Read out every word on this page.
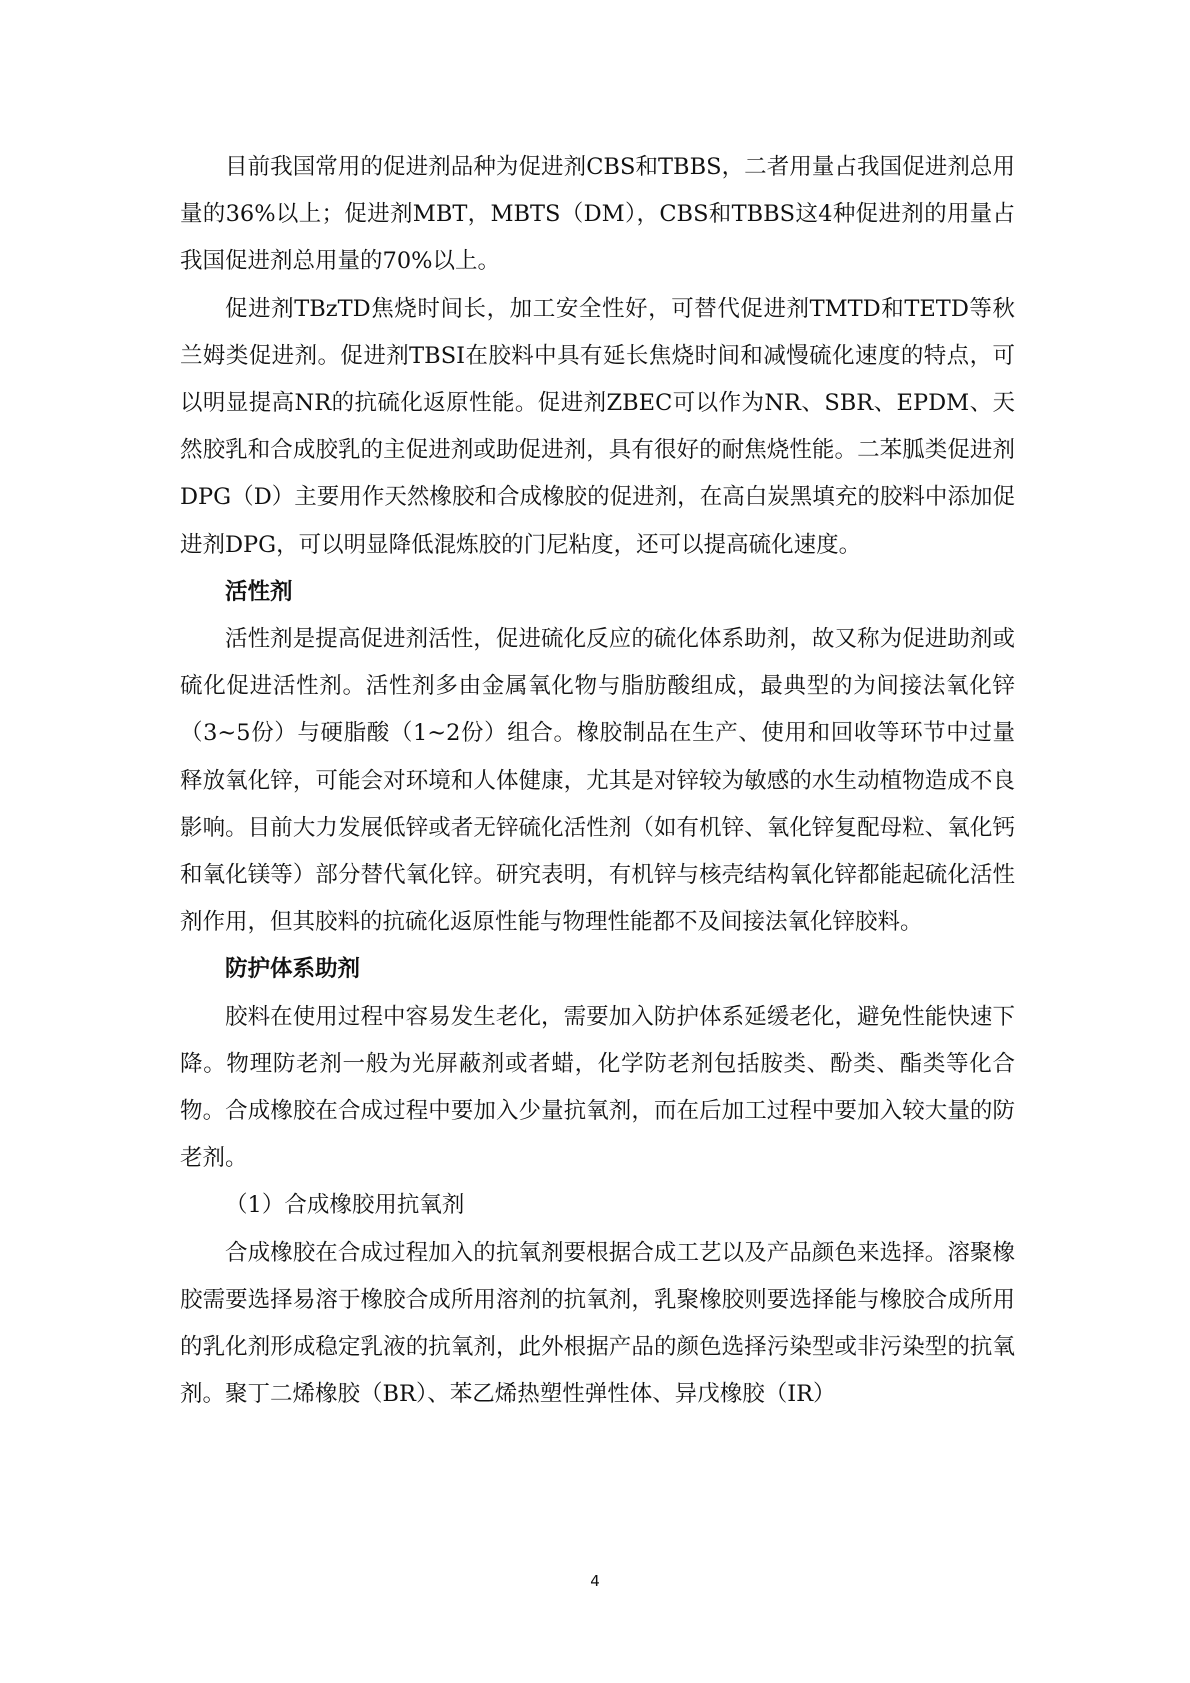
目前我国常用的促进剂品种为促进剂CBS和TBBS，二者用量占我国促进剂总用量的36%以上；促进剂MBT，MBTS（DM），CBS和TBBS这4种促进剂的用量占我国促进剂总用量的70%以上。

促进剂TBzTD焦烧时间长，加工安全性好，可替代促进剂TMTD和TETD等秋兰姆类促进剂。促进剂TBSI在胶料中具有延长焦烧时间和减慢硫化速度的特点，可以明显提高NR的抗硫化返原性能。促进剂ZBEC可以作为NR、SBR、EPDM、天然胶乳和合成胶乳的主促进剂或助促进剂，具有很好的耐焦烧性能。二苯胍类促进剂DPG（D）主要用作天然橡胶和合成橡胶的促进剂，在高白炭黑填充的胶料中添加促进剂DPG，可以明显降低混炼胶的门尼粘度，还可以提高硫化速度。

活性剂

活性剂是提高促进剂活性，促进硫化反应的硫化体系助剂，故又称为促进助剂或硫化促进活性剂。活性剂多由金属氧化物与脂肪酸组成，最典型的为间接法氧化锌（3~5份）与硬脂酸（1~2份）组合。橡胶制品在生产、使用和回收等环节中过量释放氧化锌，可能会对环境和人体健康，尤其是对锌较为敏感的水生动植物造成不良影响。目前大力发展低锌或者无锌硫化活性剂（如有机锌、氧化锌复配母粒、氧化钙和氧化镁等）部分替代氧化锌。研究表明，有机锌与核壳结构氧化锌都能起硫化活性剂作用，但其胶料的抗硫化返原性能与物理性能都不及间接法氧化锌胶料。

防护体系助剂

胶料在使用过程中容易发生老化，需要加入防护体系延缓老化，避免性能快速下降。物理防老剂一般为光屏蔽剂或者蜡，化学防老剂包括胺类、酚类、酯类等化合物。合成橡胶在合成过程中要加入少量抗氧剂，而在后加工过程中要加入较大量的防老剂。

（1）合成橡胶用抗氧剂

合成橡胶在合成过程加入的抗氧剂要根据合成工艺以及产品颜色来选择。溶聚橡胶需要选择易溶于橡胶合成所用溶剂的抗氧剂，乳聚橡胶则要选择能与橡胶合成所用的乳化剂形成稳定乳液的抗氧剂，此外根据产品的颜色选择污染型或非污染型的抗氧剂。聚丁二烯橡胶（BR）、苯乙烯热塑性弹性体、异戊橡胶（IR）

4
